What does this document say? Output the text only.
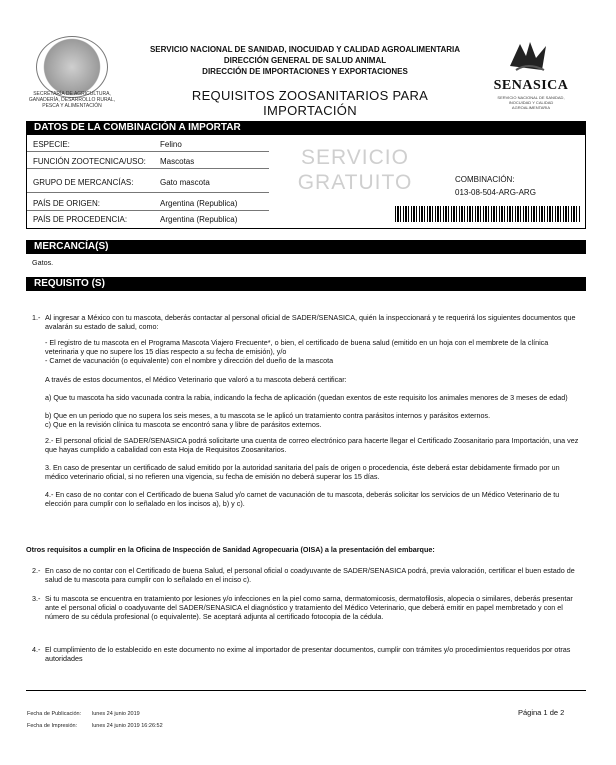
SECRETARÍA DE AGRICULTURA, GANADERÍA, DESARROLLO RURAL, PESCA Y ALIMENTACIÓN
SERVICIO NACIONAL DE SANIDAD, INOCUIDAD Y CALIDAD AGROALIMENTARIA
DIRECCIÓN GENERAL DE SALUD ANIMAL
DIRECCIÓN DE IMPORTACIONES Y EXPORTACIONES
REQUISITOS ZOOSANITARIOS PARA IMPORTACIÓN
SENASICA
SERVICIO NACIONAL DE SANIDAD, INOCUIDAD Y CALIDAD AGROALIMENTARIA
DATOS DE LA COMBINACIÓN A IMPORTAR
ESPECIE:	Felino
FUNCIÓN ZOOTECNICA/USO: Mascotas
GRUPO DE MERCANCÍAS:	Gato mascota
PAÍS DE ORIGEN:	Argentina (Republica)
PAÍS DE PROCEDENCIA:	Argentina (Republica)
SERVICIO
GRATUITO	COMBINACIÓN:
013-08-504-ARG-ARG
MERCANCÍA(S)
Gatos.
REQUISITO (S)
1.- Al ingresar a México con tu mascota, deberás contactar al personal oficial de SADER/SENASICA, quién la inspeccionará y te requerirá los siguientes documentos que avalarán su estado de salud, como:
- El registro de tu mascota en el Programa Mascota Viajero Frecuente*, o bien, el certificado de buena salud (emitido en un hoja con el membrete de la clínica veterinaria y que no supere los 15 días respecto a su fecha de emisión), y/o
- Carnet de vacunación (o equivalente) con el nombre y dirección del dueño de la mascota
A través de estos documentos, el Médico Veterinario que valoró a tu mascota deberá certificar:
a) Que tu mascota ha sido vacunada contra la rabia, indicando la fecha de aplicación (quedan exentos de este requisito los animales menores de 3 meses de edad)
b) Que en un periodo que no supera los seis meses, a tu mascota se le aplicó un tratamiento contra parásitos internos y parásitos externos.
c) Que en la revisión clínica tu mascota se encontró sana y libre de parásitos externos.
2.- El personal oficial de SADER/SENASICA podrá solicitarte una cuenta de correo electrónico para hacerte llegar el Certificado Zoosanitario para Importación, una vez que hayas cumplido a cabalidad con esta Hoja de Requisitos Zoosanitarios.
3. En caso de presentar un certificado de salud emitido por la autoridad sanitaria del país de origen o procedencia, éste deberá estar debidamente firmado por un médico veterinario oficial, si no refieren una vigencia, su fecha de emisión no deberá superar los 15 días.
4.- En caso de no contar con el Certificado de buena Salud y/o carnet de vacunación de tu mascota, deberás solicitar los servicios de un Médico Veterinario de tu elección para cumplir con lo señalado en los incisos a), b) y c).
Otros requisitos a cumplir en la Oficina de Inspección de Sanidad Agropecuaria (OISA) a la presentación del embarque:
2.- En caso de no contar con el Certificado de buena Salud, el personal oficial o coadyuvante de SADER/SENASICA podrá, previa valoración, certificar el buen estado de salud de tu mascota para cumplir con lo señalado en el inciso c).
3.- Si tu mascota se encuentra en tratamiento por lesiones y/o infecciones en la piel como sarna, dermatomicosis, dermatofilosis, alopecia o similares, deberás presentar ante el personal oficial o coadyuvante del SADER/SENASICA el diagnóstico y tratamiento del Médico Veterinario, que deberá emitir en papel membretado y con el número de su cédula profesional (o equivalente). Se aceptará adjunta al certificado fotocopia de la cédula.
4.- El cumplimiento de lo establecido en este documento no exime al importador de presentar documentos, cumplir con trámites y/o procedimientos requeridos por otras autoridades
Fecha de Publicación: lunes 24 junio 2019
Fecha de Impresión:	lunes 24 junio 2019 16:26:52
Página 1 de 2
